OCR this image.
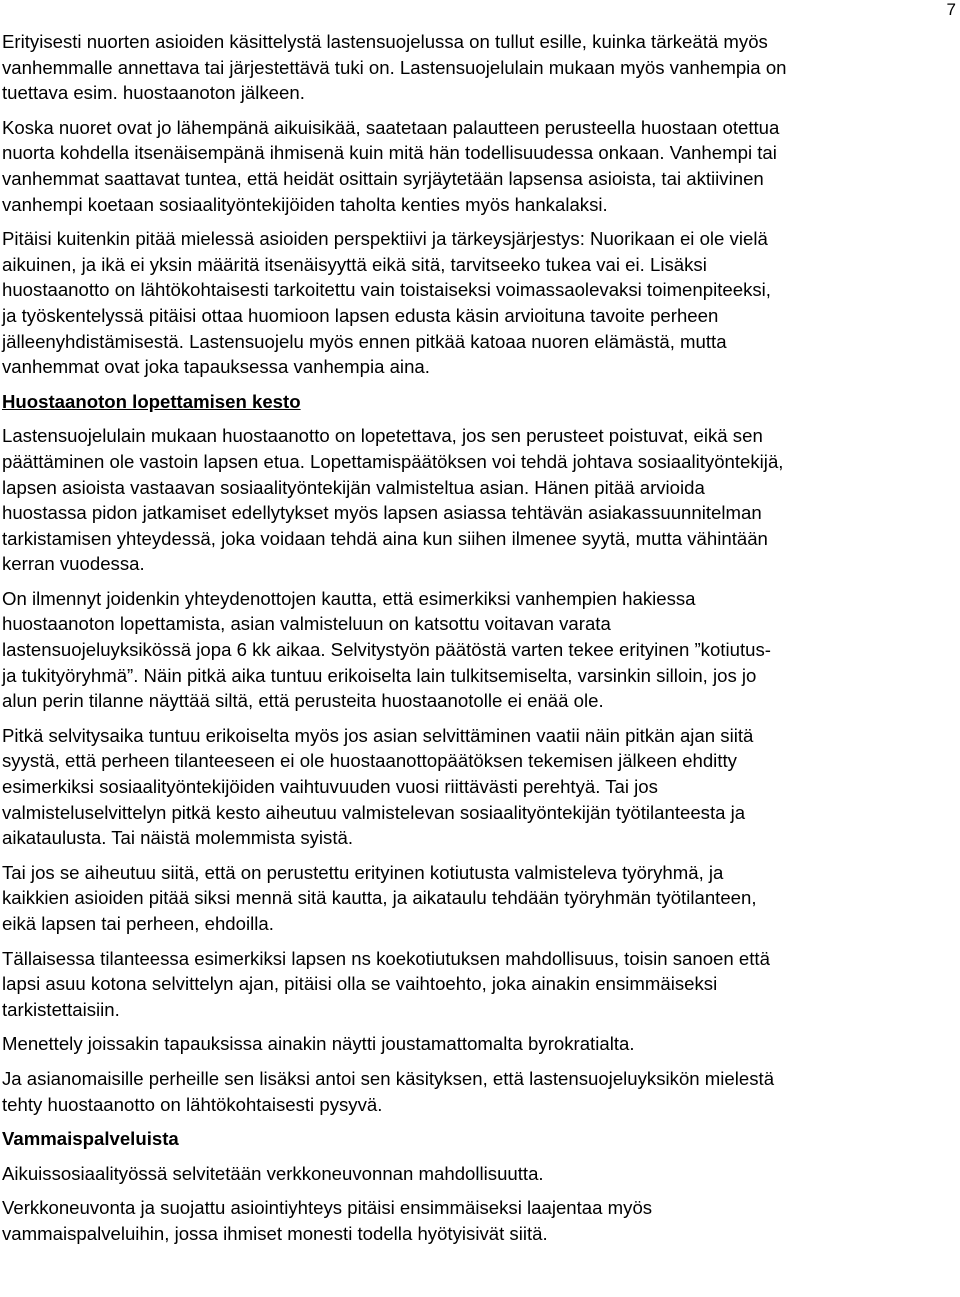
7

Erityisesti nuorten asioiden käsittelystä lastensuojelussa on tullut esille, kuinka tärkeätä myös
vanhemmalle annettava tai järjestettävä tuki on. Lastensuojelulain mukaan myös vanhempia on
tuettava esim. huostaanoton jälkeen.

Koska nuoret ovat jo lähempänä aikuisikää, saatetaan palautteen perusteella huostaan otettua
nuorta kohdella itsenäisempänä ihmisenä kuin mitä hän todellisuudessa onkaan. Vanhempi tai
vanhemmat saattavat tuntea, että heidät osittain syrjäytetään lapsensa asioista, tai aktiivinen
vanhempi koetaan sosiaalityöntekijöiden taholta kenties myös hankalaksi.

Pitäisi kuitenkin pitää mielessä asioiden perspektiivi ja tärkeysjärjestys: Nuorikaan ei ole vielä
aikuinen, ja ikä ei yksin määritä itsenäisyyttä eikä sitä, tarvitseeko tukea vai ei. Lisäksi
huostaanotto on lähtökohtaisesti tarkoitettu vain toistaiseksi voimassaolevaksi toimenpiteeksi,
ja työskentelyssä pitäisi ottaa huomioon lapsen edusta käsin arvioituna tavoite perheen
jälleenyhdistämisestä. Lastensuojelu myös ennen pitkää katoaa nuoren elämästä, mutta
vanhemmat ovat joka tapauksessa vanhempia aina.

Huostaanoton lopettamisen kesto

Lastensuojelulain mukaan huostaanotto on lopetettava, jos sen perusteet poistuvat, eikä sen
päättäminen ole vastoin lapsen etua. Lopettamispäätöksen voi tehdä johtava sosiaalityöntekijä,
lapsen asioista vastaavan sosiaalityöntekijän valmisteltua asian. Hänen pitää arvioida
huostassa pidon jatkamiset edellytykset myös lapsen asiassa tehtävän asiakassuunnitelman
tarkistamisen yhteydessä, joka voidaan tehdä aina kun siihen ilmenee syytä, mutta vähintään
kerran vuodessa.

On ilmennyt joidenkin yhteydenottojen kautta, että esimerkiksi vanhempien hakiessa
huostaanoton lopettamista, asian valmisteluun on katsottu voitavan varata
lastensuojeluyksikössä jopa 6 kk aikaa. Selvitystyön päätöstä varten tekee erityinen ”kotiutus-
ja tukityöryhmä”. Näin pitkä aika tuntuu erikoiselta lain tulkitsemiselta, varsinkin silloin, jos jo
alun perin tilanne näyttää siltä, että perusteita huostaanotolle ei enää ole.

Pitkä selvitysaika tuntuu erikoiselta myös jos asian selvittäminen vaatii näin pitkän ajan siitä
syystä, että perheen tilanteeseen ei ole huostaanottopäätöksen tekemisen jälkeen ehditty
esimerkiksi sosiaalityöntekijöiden vaihtuvuuden vuosi riittävästi perehtyä. Tai jos
valmisteluselvittelyn pitkä kesto aiheutuu valmistelevan sosiaalityöntekijän työtilanteesta ja
aikataulusta. Tai näistä molemmista syistä.

Tai jos se aiheutuu siitä, että on perustettu erityinen kotiutusta valmisteleva työryhmä, ja
kaikkien asioiden pitää siksi mennä sitä kautta, ja aikataulu tehdään työryhmän työtilanteen,
eikä lapsen tai perheen, ehdoilla.

Tällaisessa tilanteessa esimerkiksi lapsen ns koekotiutuksen mahdollisuus, toisin sanoen että
lapsi asuu kotona selvittelyn ajan, pitäisi olla se vaihtoehto, joka ainakin ensimmäiseksi
tarkistettaisiin.

Menettely joissakin tapauksissa ainakin näytti joustamattomalta byrokratialta.

Ja asianomaisille perheille sen lisäksi antoi sen käsityksen, että lastensuojeluyksikön mielestä
tehty huostaanotto on lähtökohtaisesti pysyvä.

Vammaispalveluista

Aikuissosiaalityössä selvitetään verkkoneuvonnan mahdollisuutta.

Verkkoneuvonta ja suojattu asiointiyhteys pitäisi ensimmäiseksi laajentaa myös
vammaispalveluihin, jossa ihmiset monesti todella hyötyisivät siitä.
